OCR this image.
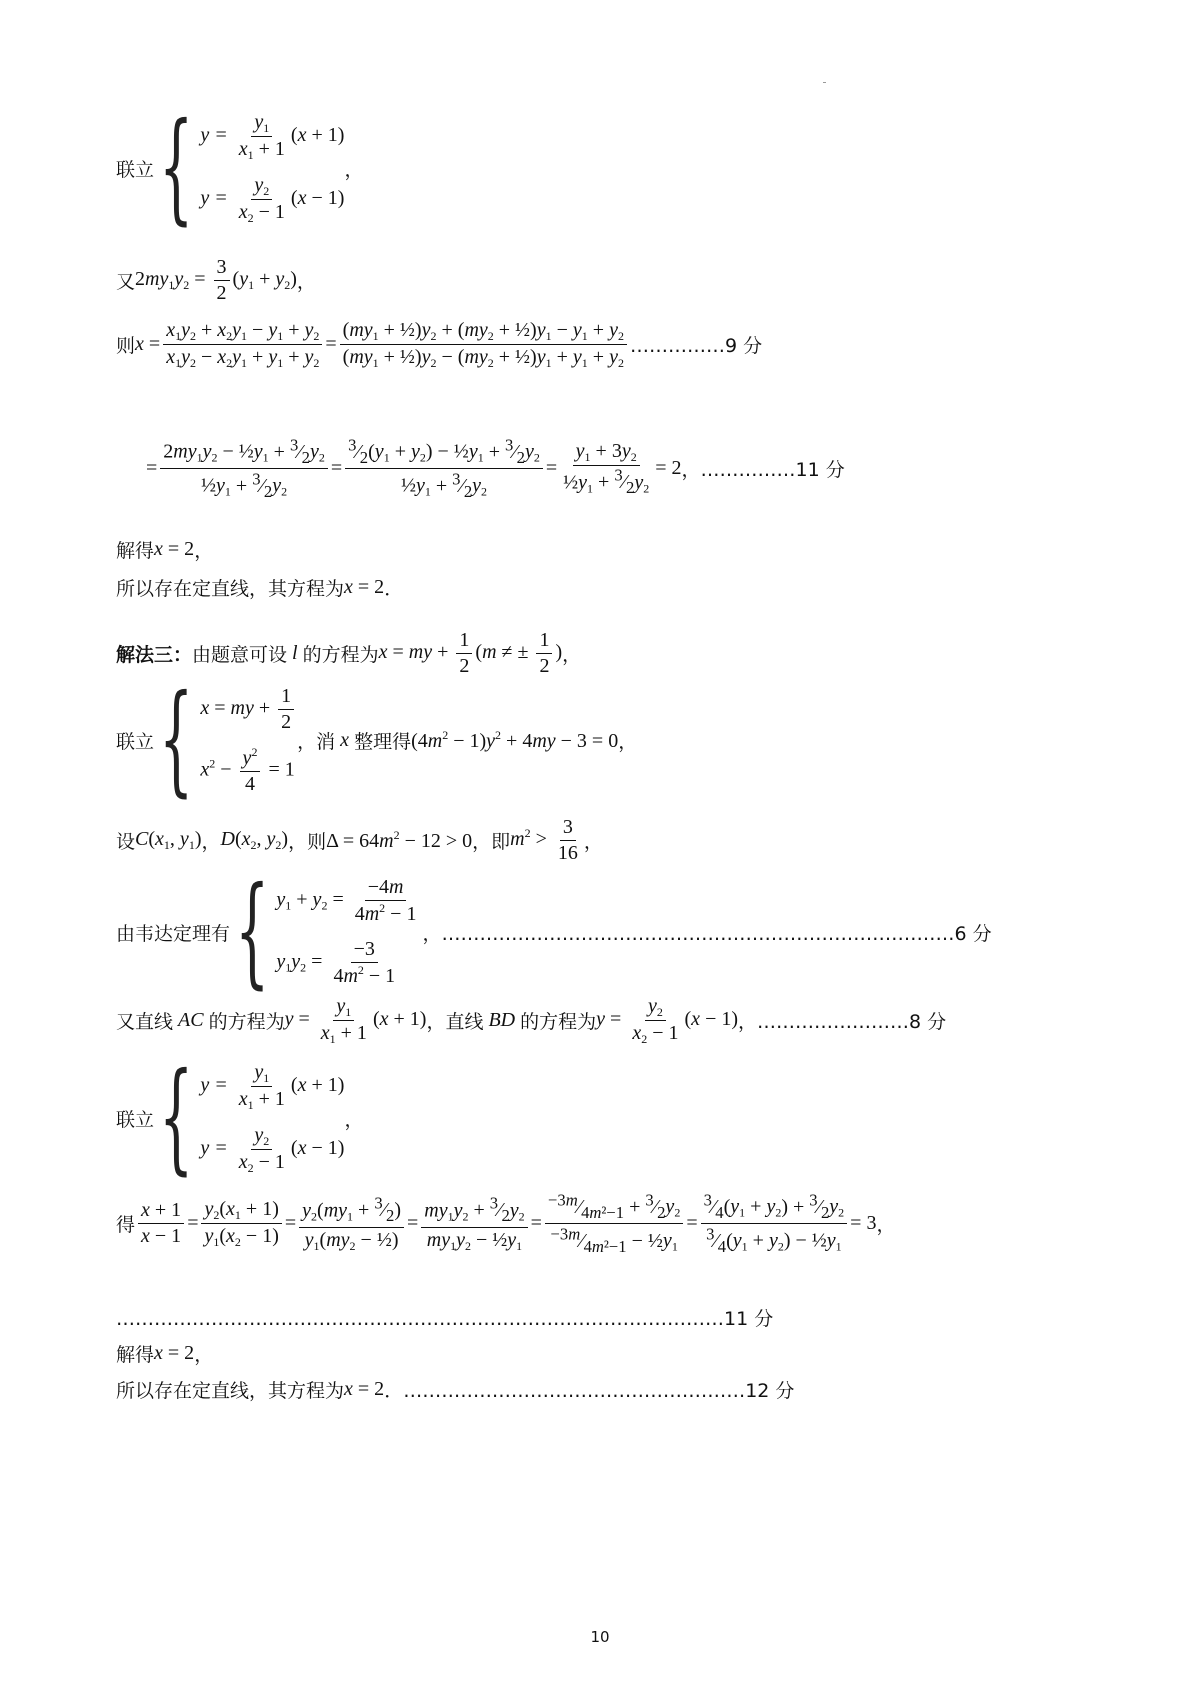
联立 { $y = \frac{y_1}{x_1 + 1} (x + 1)$
$y = \frac{y_2}{x_2 - 1} (x - 1)$
，
又 $2my_1y_2 = \frac{3}{2} (y_1 + y_2)$ ，
则 $x = \frac{x_1y_2 + x_2y_1 - y_1 + y_2}{x_1y_2 - x_2y_1 + y_1 + y_2} = \frac{(my_1 + \frac{1}{2})y_2 + (my_2 + \frac{1}{2})y_1 - y_1 + y_2}{(my_1 + \frac{1}{2})y_2 - (my_2 + \frac{1}{2})y_1 + y_1 + y_2}$ ……………9 分
= $\frac{2my_1y_2 - \frac{1}{2}y_1 + ^3⁄_2y_2}{\frac{1}{2}y_1 + ^3⁄_2y_2} = \frac{^3⁄_2(y_1 + y_2) - \frac{1}{2}y_1 + ^3⁄_2y_2}{\frac{1}{2}y_1 + ^3⁄_2y_2} = \frac{y_1 + 3y_2}{\frac{1}{2}y_1 + ^3⁄_2y_2} = 2$ ， ……………11 分
解得 x = 2 ，
所以存在定直线，其方程为 x = 2 ．
解法三： 由题意可设 l 的方程为 x = my + $\frac{1}{2} (m$ ≠ ± $\frac{1}{2}$ ) ，
联立 { x = my + $\frac{1}{2}$
$x^2 - \frac{y^2}{4} = 1$
，消 x 整理得 $(4m^2 - 1)y^2 + 4my - 3 = 0$ ，
设 $C(x_1$, $y_1$) ， $D(x_2$, $y_2$) ，则 $\Delta = 64m^2 - 12 > 0$ ，即 $m^2 > \frac{3}{16}$ ，
由韦达定理有 { $y_1 + y_2 = \frac{-4m}{4m^2 - 1}$
$y_1y_2 = \frac{-3}{4m^2 - 1}$
， ………………………………………………………………………6 分
又直线 AC 的方程为 $y = \frac{y_1}{x_1 + 1} (x + 1)$ ，直线 BD 的方程为 $y = \frac{y_2}{x_2 - 1} (x - 1)$ ， ……………………8 分
联立 { $y = \frac{y_1}{x_1 + 1} (x + 1)$
$y = \frac{y_2}{x_2 - 1} (x - 1)$
，
得 $\frac{x + 1}{x - 1} = \frac{y_2(x_1 + 1)}{y_1(x_2 - 1)} = \frac{y_2(my_1 + ^3⁄_2)}{y_1(my_2 - \frac{1}{2})} = \frac{my_1y_2 + ^3⁄_2y_2}{my_1y_2 - \frac{1}{2}y_1} = \frac{^{-3m}⁄_{4m^2-1} + ^3⁄_2y_2}{^{-3m}⁄_{4m^2-1} - \frac{1}{2}y_1} = \frac{^3⁄_4(y_1 + y_2) + ^3⁄_2y_2}{^3⁄_4(y_1 + y_2) - \frac{1}{2}y_1} = 3$ ，
……………………………………………………………………………………11 分
解得 x = 2 ，
所以存在定直线，其方程为 x = 2 ． ………………………………………………12 分
10
